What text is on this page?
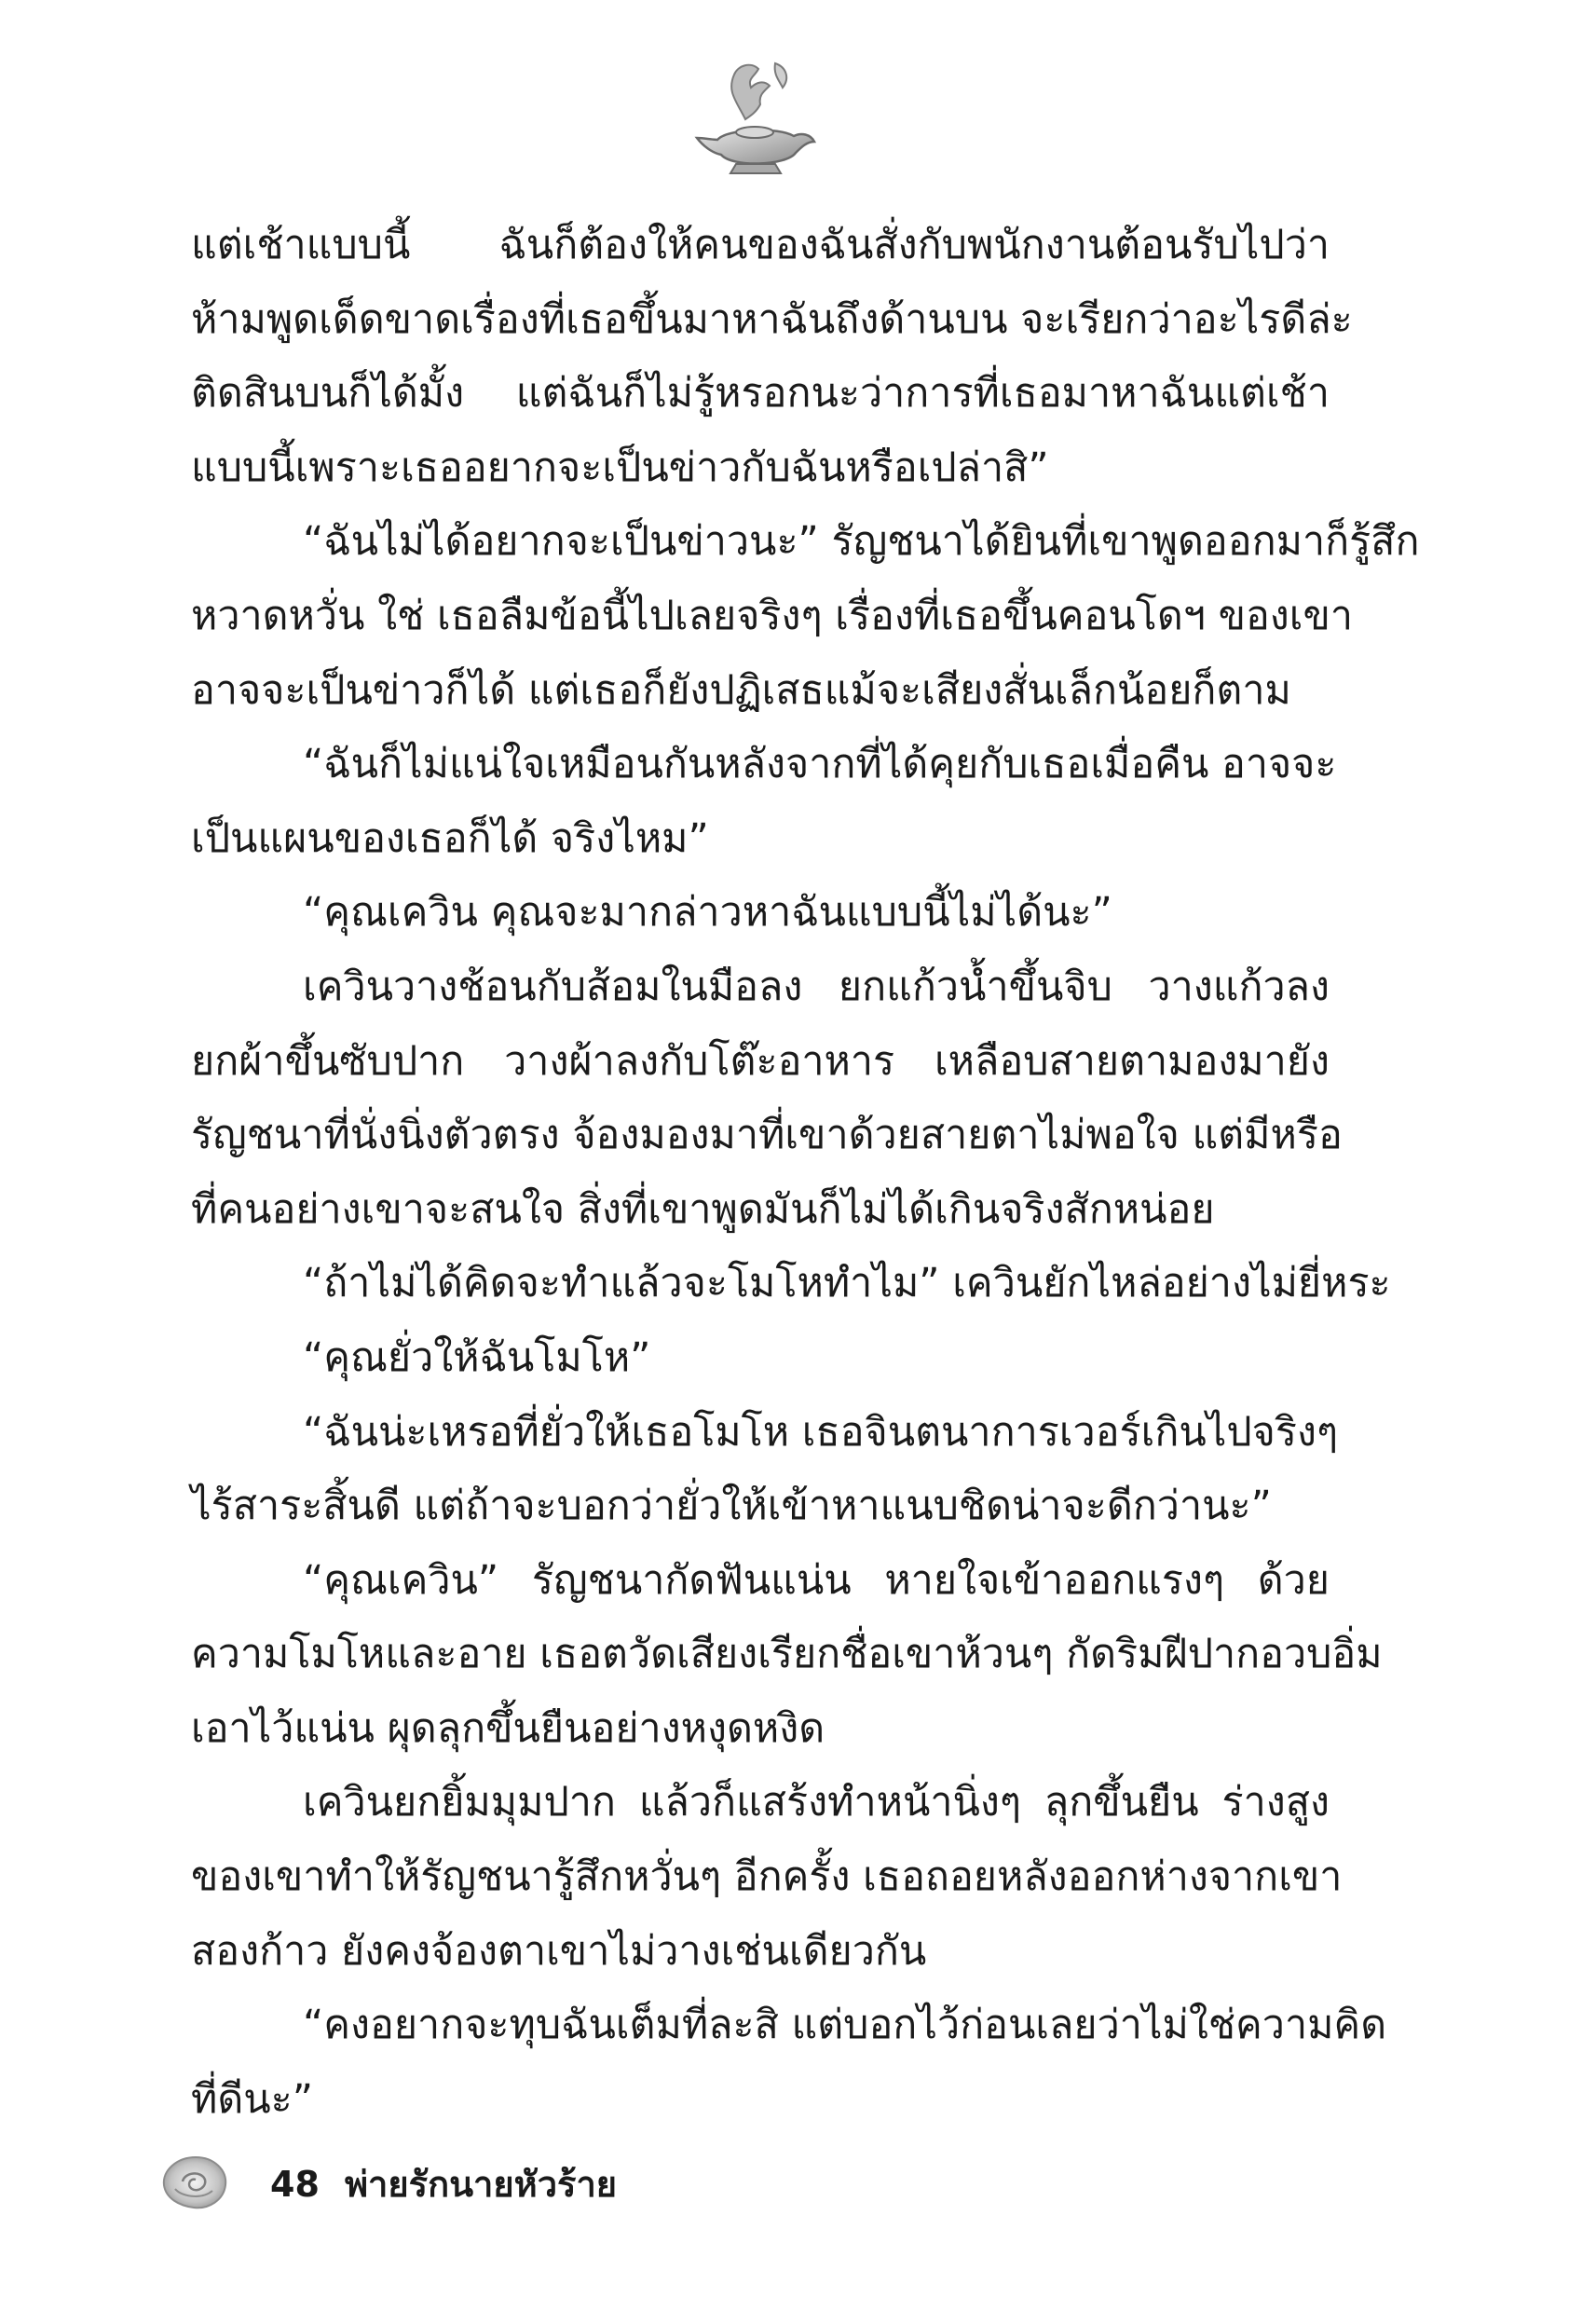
แต่เช้าแบบนี้ ฉันก็ต้องให้คนของฉันสั่งกับพนักงานต้อนรับไปว่า
ห้ามพูดเด็ดขาดเรื่องที่เธอขึ้นมาหาฉันถึงด้านบน จะเรียกว่าอะไรดีล่ะ
ติดสินบนก็ได้มั้ง แต่ฉันก็ไม่รู้หรอกนะว่าการที่เธอมาหาฉันแต่เช้า
แบบนี้เพราะเธออยากจะเป็นข่าวกับฉันหรือเปล่าสิ”
“ฉันไม่ได้อยากจะเป็นข่าวนะ” รัญชนาได้ยินที่เขาพูดออกมาก็รู้สึก
หวาดหวั่น ใช่ เธอลืมข้อนี้ไปเลยจริงๆ เรื่องที่เธอขึ้นคอนโดฯ ของเขา
อาจจะเป็นข่าวก็ได้ แต่เธอก็ยังปฏิเสธแม้จะเสียงสั่นเล็กน้อยก็ตาม
“ฉันก็ไม่แน่ใจเหมือนกันหลังจากที่ได้คุยกับเธอเมื่อคืน อาจจะ
เป็นแผนของเธอก็ได้ จริงไหม”
“คุณเควิน คุณจะมากล่าวหาฉันแบบนี้ไม่ได้นะ”
เควินวางช้อนกับส้อมในมือลง ยกแก้วน้ำขึ้นจิบ วางแก้วลง
ยกผ้าขึ้นซับปาก วางผ้าลงกับโต๊ะอาหาร เหลือบสายตามองมายัง
รัญชนาที่นั่งนิ่งตัวตรง จ้องมองมาที่เขาด้วยสายตาไม่พอใจ แต่มีหรือ
ที่คนอย่างเขาจะสนใจ สิ่งที่เขาพูดมันก็ไม่ได้เกินจริงสักหน่อย
“ถ้าไม่ได้คิดจะทำแล้วจะโมโหทำไม” เควินยักไหล่อย่างไม่ยี่หระ
“คุณยั่วให้ฉันโมโห”
“ฉันน่ะเหรอที่ยั่วให้เธอโมโห เธอจินตนาการเวอร์เกินไปจริงๆ
ไร้สาระสิ้นดี แต่ถ้าจะบอกว่ายั่วให้เข้าหาแนบชิดน่าจะดีกว่านะ”
“คุณเควิน” รัญชนากัดฟันแน่น หายใจเข้าออกแรงๆ ด้วย
ความโมโหและอาย เธอตวัดเสียงเรียกชื่อเขาห้วนๆ กัดริมฝีปากอวบอิ่ม
เอาไว้แน่น ผุดลุกขึ้นยืนอย่างหงุดหงิด
เควินยกยิ้มมุมปาก แล้วก็แสร้งทำหน้านิ่งๆ ลุกขึ้นยืน ร่างสูง
ของเขาทำให้รัญชนารู้สึกหวั่นๆ อีกครั้ง เธอถอยหลังออกห่างจากเขา
สองก้าว ยังคงจ้องตาเขาไม่วางเช่นเดียวกัน
“คงอยากจะทุบฉันเต็มที่ละสิ แต่บอกไว้ก่อนเลยว่าไม่ใช่ความคิด
ที่ดีนะ”
48 พ่ายรักนายหัวร้าย
